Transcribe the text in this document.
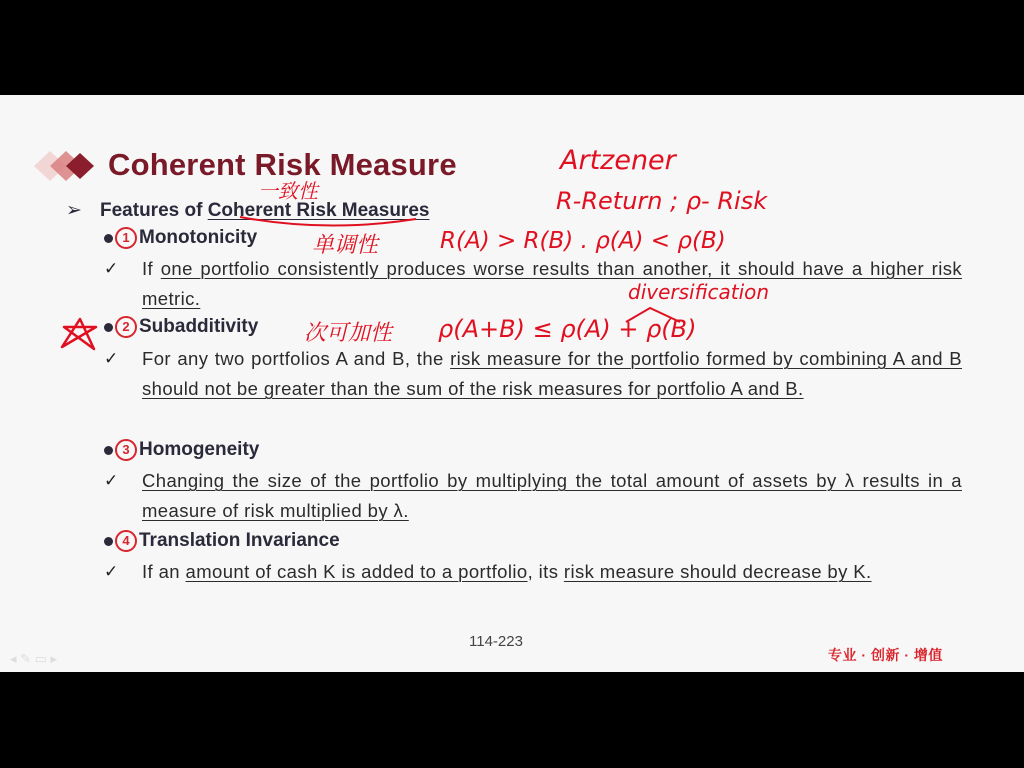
Coherent Risk Measure
➢ Features of Coherent Risk Measures
1 Monotonicity
✓ If one portfolio consistently produces worse results than another, it should have a higher risk metric.
2 Subadditivity
✓ For any two portfolios A and B, the risk measure for the portfolio formed by combining A and B should not be greater than the sum of the risk measures for portfolio A and B.
3 Homogeneity
✓ Changing the size of the portfolio by multiplying the total amount of assets by λ results in a measure of risk multiplied by λ.
4 Translation Invariance
✓ If an amount of cash K is added to a portfolio, its risk measure should decrease by K.
114-223
专业 · 创新 · 增值
◂ ✎ ▭ ▸
Artzener
R-Return ; ρ- Risk
一致性
单调性	R(A) > R(B) . ρ(A) < ρ(B)
diversification
次可加性 ρ(A+B) ≤ ρ(A) + ρ(B)
